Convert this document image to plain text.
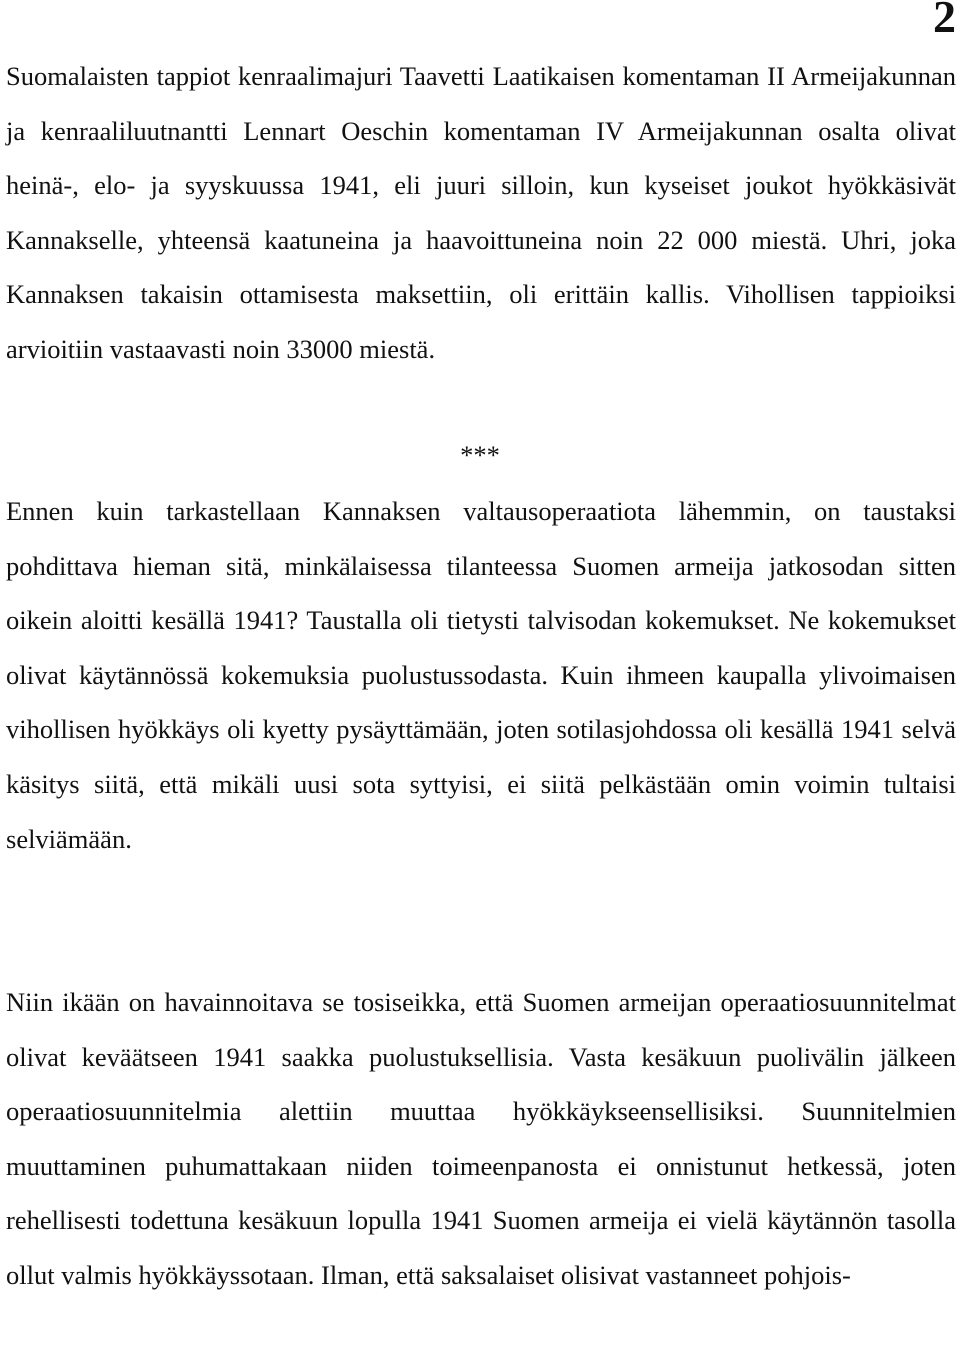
2

Suomalaisten tappiot kenraalimajuri Taavetti Laatikaisen komentaman II Armeijakunnan ja kenraaliluutnantti Lennart Oeschin komentaman IV Armeijakunnan osalta olivat heinä-, elo- ja syyskuussa 1941, eli juuri silloin, kun kyseiset joukot hyökkäsivät Kannakselle, yhteensä kaatuneina ja haavoittuneina noin 22 000 miestä. Uhri, joka Kannaksen takaisin ottamisesta maksettiin, oli erittäin kallis. Vihollisen tappioiksi arvioitiin vastaavasti noin 33000 miestä.

***

Ennen kuin tarkastellaan Kannaksen valtausoperaatiota lähemmin, on taustaksi pohdittava hieman sitä, minkälaisessa tilanteessa Suomen armeija jatkosodan sitten oikein aloitti kesällä 1941? Taustalla oli tietysti talvisodan kokemukset. Ne kokemukset olivat käytännössä kokemuksia puolustussodasta. Kuin ihmeen kaupalla ylivoimaisen vihollisen hyökkäys oli kyetty pysäyttämään, joten sotilasjohdossa oli kesällä 1941 selvä käsitys siitä, että mikäli uusi sota syttyisi, ei siitä pelkästään omin voimin tultaisi selviämään.

Niin ikään on havainnoitava se tosiseikka, että Suomen armeijan operaatiosuunnitelmat olivat keväätseen 1941 saakka puolustuksellisia. Vasta kesäkuun puolivälin jälkeen operaatiosuunnitelmia alettiin muuttaa hyökkäykseensellisiksi. Suunnitelmien muuttaminen puhumattakaan niiden toimeenpanosta ei onnistunut hetkessä, joten rehellisesti todettuna kesäkuun lopulla 1941 Suomen armeija ei vielä käytännön tasolla ollut valmis hyökkäyssotaan. Ilman, että saksalaiset olisivat vastanneet pohjois-
